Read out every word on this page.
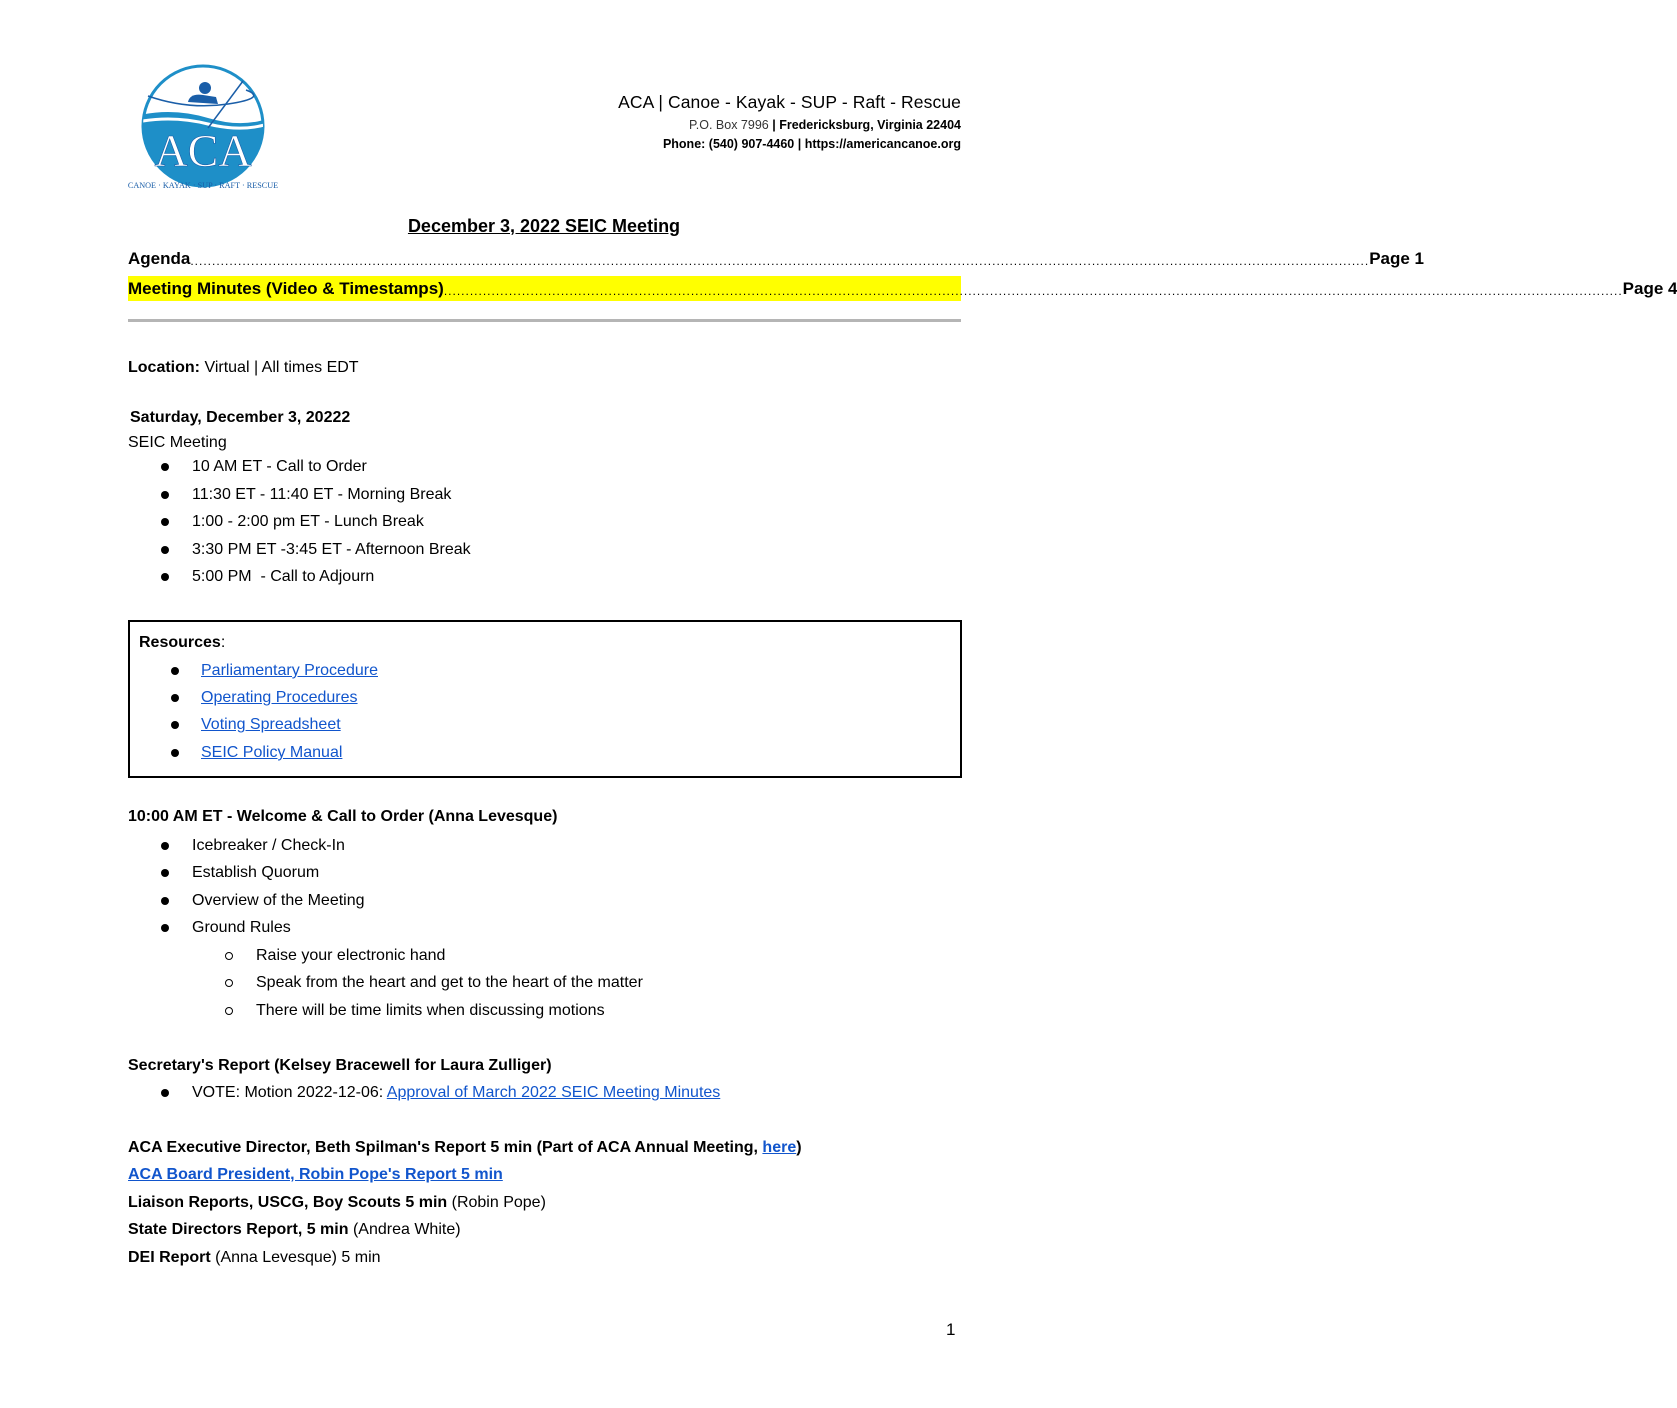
ACA
CANOE · KAYAK · SUP · RAFT · RESCUE
ACA | Canoe - Kayak - SUP - Raft - Rescue
P.O. Box 7996 | Fredericksburg, Virginia 22404
Phone: (540) 907-4460 | https://americancanoe.org
December 3, 2022 SEIC Meeting
Agenda ................................................................................................................................................................................................................................................................................ Page 1
Meeting Minutes (Video & Timestamps) ................................................................................................................................................................................................................................................................................ Page 4
Location: Virtual | All times EDT
Saturday, December 3, 20222
SEIC Meeting
10 AM ET - Call to Order
11:30 ET - 11:40 ET - Morning Break
1:00 - 2:00 pm ET - Lunch Break
3:30 PM ET -3:45 ET - Afternoon Break
5:00 PM  - Call to Adjourn
Resources:
Parliamentary Procedure
Operating Procedures
Voting Spreadsheet
SEIC Policy Manual
10:00 AM ET - Welcome & Call to Order (Anna Levesque)
Icebreaker / Check-In
Establish Quorum
Overview of the Meeting
Ground Rules
Raise your electronic hand
Speak from the heart and get to the heart of the matter
There will be time limits when discussing motions
Secretary's Report (Kelsey Bracewell for Laura Zulliger)
VOTE: Motion 2022-12-06: Approval of March 2022 SEIC Meeting Minutes
ACA Executive Director, Beth Spilman's Report 5 min (Part of ACA Annual Meeting, here)
ACA Board President, Robin Pope's Report 5 min
Liaison Reports, USCG, Boy Scouts 5 min (Robin Pope)
State Directors Report, 5 min (Andrea White)
DEI Report (Anna Levesque) 5 min
1
